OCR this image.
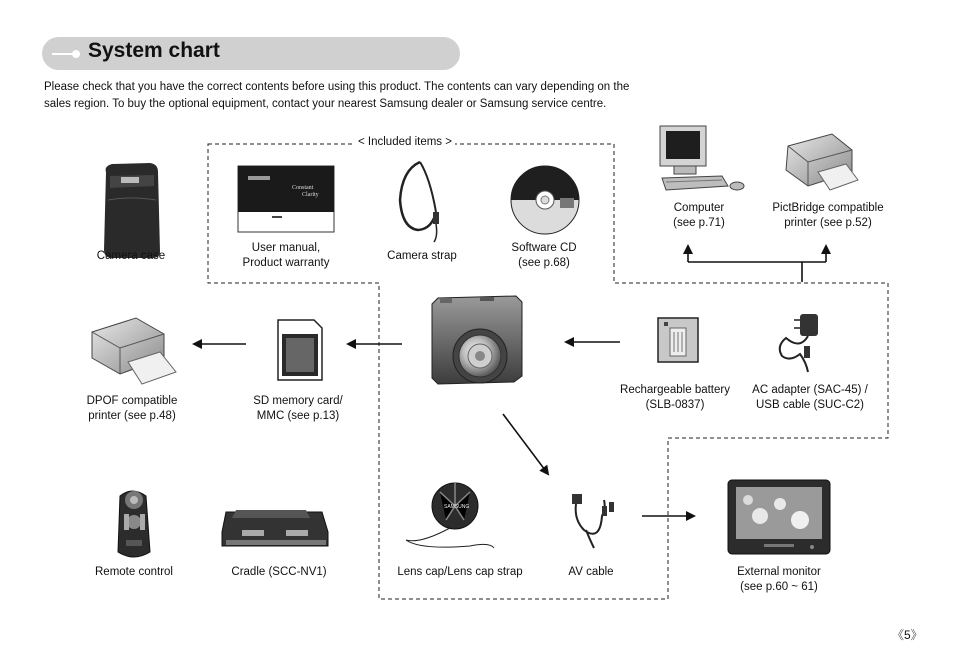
System chart
Please check that you have the correct contents before using this product. The contents can vary depending on the sales region. To buy the optional equipment, contact your nearest Samsung dealer or Samsung service centre.
Constant
Clarity
SAMSUNG
< Included items >
Camera case
User manual,
Product warranty
Camera strap
Software CD
(see p.68)
Computer
(see p.71)
PictBridge compatible
printer (see p.52)
DPOF compatible
printer (see p.48)
SD memory card/
MMC (see p.13)
Rechargeable battery
(SLB-0837)
AC adapter (SAC-45) /
USB cable (SUC-C2)
Remote control	Cradle (SCC-NV1)	Lens cap/Lens cap strap	AV cable	External monitor
(see p.60 ~ 61)
《5》
